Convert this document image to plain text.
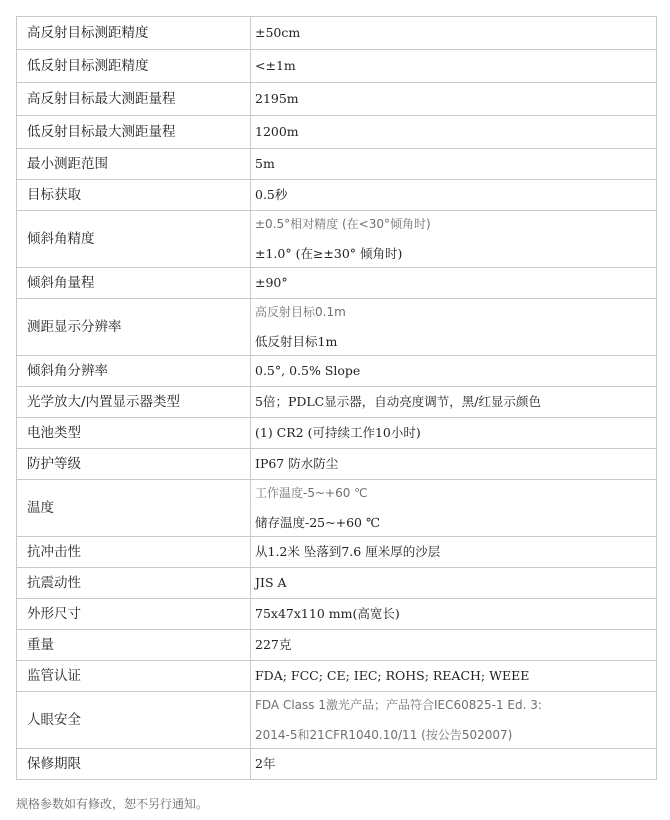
高反射目标测距精度	±50cm

低反射目标测距精度	<±1m

高反射目标最大测距量程	2195m

低反射目标最大测距量程	1200m

最小测距范围	5m

目标获取	0.5秒

倾斜角精度	±0.5°相对精度 (在<30°倾角时)
±1.0° (在≥±30° 倾角时)

倾斜角量程	±90°

测距显示分辨率	高反射目标0.1m
低反射目标1m

倾斜角分辨率	0.5°, 0.5% Slope

光学放大/内置显示器类型	5倍；PDLC显示器，自动亮度调节，黑/红显示颜色

电池类型	(1) CR2 (可持续工作10小时)

防护等级	IP67 防水防尘

温度	工作温度-5~+60 ℃
储存温度-25~+60 ℃

抗冲击性	从1.2米 坠落到7.6 厘米厚的沙层

抗震动性	JIS A

外形尺寸	75x47x110 mm(高宽长)

重量	227克

监管认证	FDA; FCC; CE; IEC; ROHS; REACH; WEEE

人眼安全	FDA Class 1激光产品；产品符合IEC60825-1 Ed. 3:
2014-5和21CFR1040.10/11 (按公告502007)

保修期限	2年
规格参数如有修改，恕不另行通知。
